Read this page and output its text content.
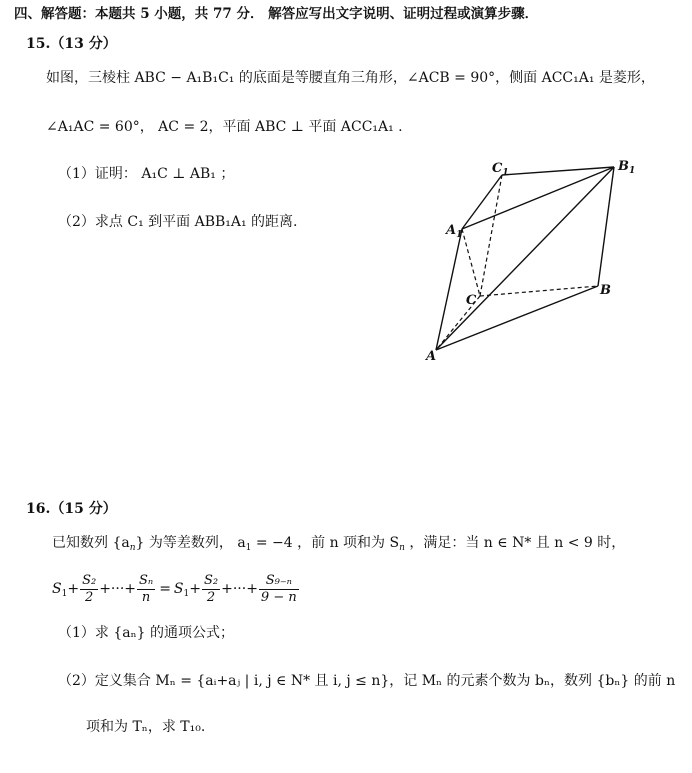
四、解答题：本题共 5 小题，共 77 分． 解答应写出文字说明、证明过程或演算步骤．
15.（13 分）
如图，三棱柱 ABC − A₁B₁C₁ 的底面是等腰直角三角形，∠ACB = 90°，侧面 ACC₁A₁ 是菱形，
∠A₁AC = 60°， AC = 2，平面 ABC ⊥ 平面 ACC₁A₁ .
（1）证明： A₁C ⊥ AB₁ ；
（2）求点 C₁ 到平面 ABB₁A₁ 的距离.
$C_1$	$B_1$
$A_1$
C
B
A
16.（15 分）
已知数列 $\{a_n\}$ 为等差数列， $a_1 = -4$ ，前 n 项和为 $S_n$ ，满足：当 n ∈ N* 且 n < 9 时，
$S_1+ \frac{\text{S₂}}{2}$ +···+ $\frac{\text{Sₙ}}{n} = S_1+ \frac{\text{S₂}}{2}$ +···+ $\frac{\text{S₉₋ₙ}}{9 - n}$
（1）求 {aₙ} 的通项公式；
（2）定义集合 Mₙ = {aᵢ+aⱼ | i, j ∈ N* 且 i, j ≤ n}，记 Mₙ 的元素个数为 bₙ，数列 {bₙ} 的前 n
项和为 Tₙ，求 T₁₀.
